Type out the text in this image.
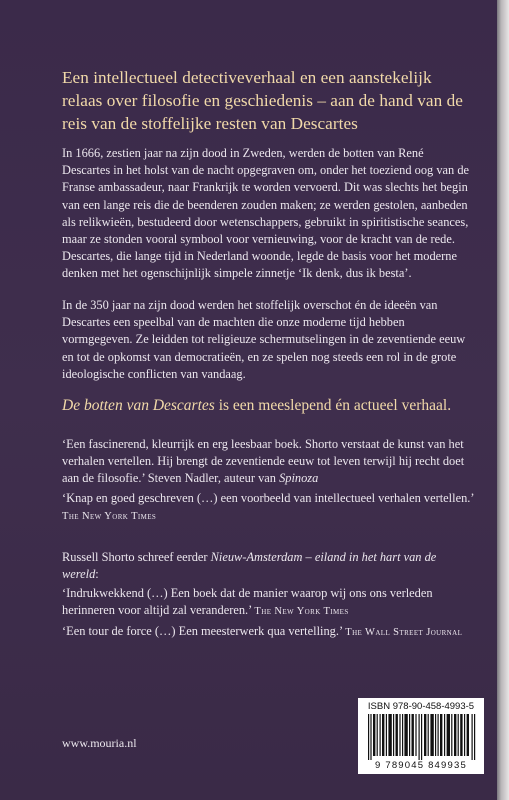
Een intellectueel detectiveverhaal en een aanstekelijk relaas over filosofie en geschiedenis – aan de hand van de reis van de stoffelijke resten van Descartes

In 1666, zestien jaar na zijn dood in Zweden, werden de botten van René Descartes in het holst van de nacht opgegraven om, onder het toeziend oog van de Franse ambassadeur, naar Frankrijk te worden vervoerd. Dit was slechts het begin van een lange reis die de beenderen zouden maken; ze werden gestolen, aanbeden als relikwieën, bestudeerd door wetenschappers, gebruikt in spiritistische seances, maar ze stonden vooral symbool voor vernieuwing, voor de kracht van de rede. Descartes, die lange tijd in Nederland woonde, legde de basis voor het moderne denken met het ogenschijnlijk simpele zinnetje ‘Ik denk, dus ik besta’.

In de 350 jaar na zijn dood werden het stoffelijk overschot én de ideeën van Descartes een speelbal van de machten die onze moderne tijd hebben vormgegeven. Ze leidden tot religieuze schermutselingen in de zeventiende eeuw en tot de opkomst van democratieën, en ze spelen nog steeds een rol in de grote ideologische conflicten van vandaag.

De botten van Descartes is een meeslepend én actueel verhaal.

‘Een fascinerend, kleurrijk en erg leesbaar boek. Shorto verstaat de kunst van het verhalen vertellen. Hij brengt de zeventiende eeuw tot leven terwijl hij recht doet aan de filosofie.’ Steven Nadler, auteur van Spinoza

‘Knap en goed geschreven (…) een voorbeeld van intellectueel verhalen vertellen.’ The New York Times

Russell Shorto schreef eerder Nieuw-Amsterdam – eiland in het hart van de wereld:

‘Indrukwekkend (…) Een boek dat de manier waarop wij ons ons verleden herinneren voor altijd zal veranderen.’ The New York Times

‘Een tour de force (…) Een meesterwerk qua vertelling.’ The Wall Street Journal

www.mouria.nl
ISBN 978-90-458-4993-5
9 789045 849935
